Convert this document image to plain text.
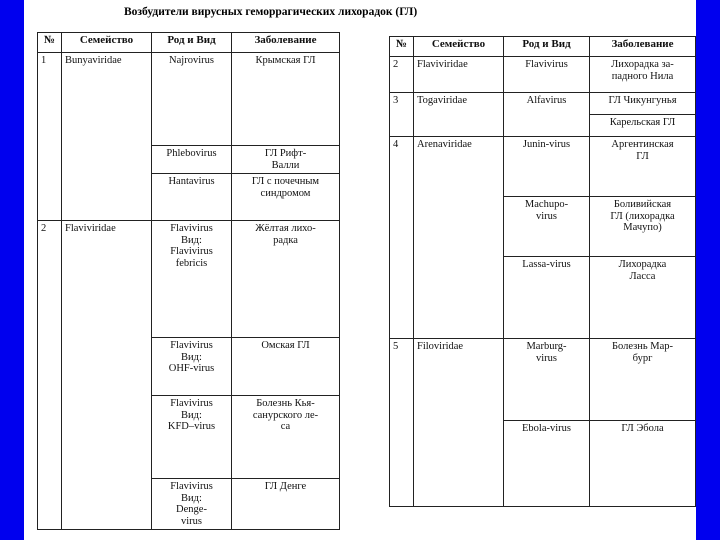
Возбудители вирусных геморрагических лихорадок (ГЛ)
№	Семейство	Род и Вид	Заболевание
1	Bunyaviridae	Najrovirus	Крымская ГЛ
		Phlebovirus	ГЛ Рифт-
Валли
		Hantavirus	ГЛ с почечным
синдромом
2	Flaviviridae	Flavivirus
Вид:
Flavivirus
febricis	Жёлтая лихо-
радка
		Flavivirus
Вид:
OHF-virus	Омская ГЛ
		Flavivirus
Вид:
KFD–virus	Болезнь Кья-
санурского ле-
са
		Flavivirus
Вид:
Denge-
virus	ГЛ Денге
№	Семейство	Род и Вид	Заболевание
2	Flaviviridae	Flavivirus	Лихорадка за-
падного Нила
3	Togaviridae	Alfavirus	ГЛ Чикунгунья
			Карельская ГЛ
4	Arenaviridae	Junin-virus	Аргентинская
ГЛ
		Machupo-
virus	Боливийская
ГЛ (лихорадка
Мачупо)
		Lassa-virus	Лихорадка
Ласса
5	Filoviridae	Marburg-
virus	Болезнь Мар-
бург
		Ebola-virus	ГЛ Эбола
